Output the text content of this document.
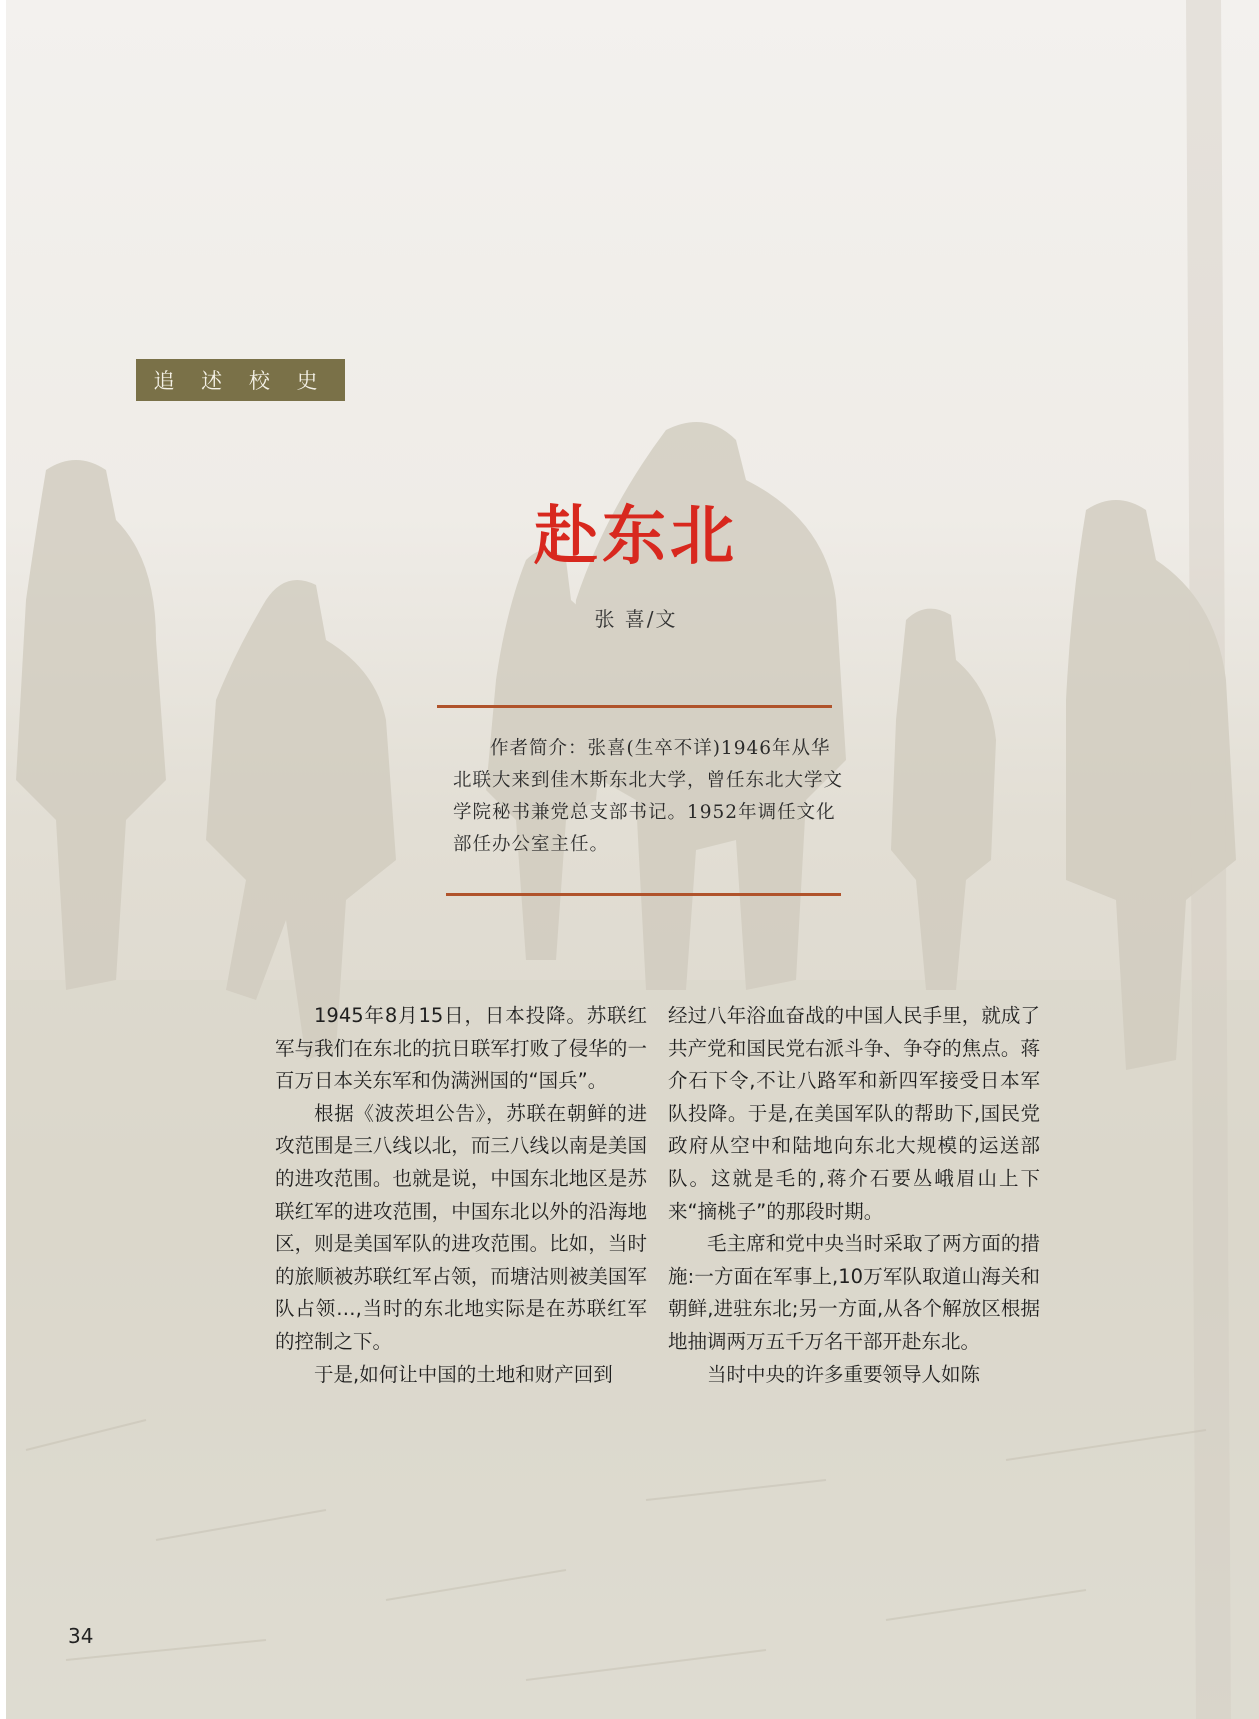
追 述 校 史
赴东北
张 喜/文
作者简介：张喜(生卒不详)1946年从华北联大来到佳木斯东北大学，曾任东北大学文学院秘书兼党总支部书记。1952年调任文化部任办公室主任。

1945年8月15日，日本投降。苏联红军与我们在东北的抗日联军打败了侵华的一百万日本关东军和伪满洲国的“国兵”。

根据《波茨坦公告》，苏联在朝鲜的进攻范围是三八线以北，而三八线以南是美国的进攻范围。也就是说，中国东北地区是苏联红军的进攻范围，中国东北以外的沿海地区，则是美国军队的进攻范围。比如，当时的旅顺被苏联红军占领，而塘沽则被美国军队占领…,当时的东北地实际是在苏联红军的控制之下。

于是,如何让中国的土地和财产回到

经过八年浴血奋战的中国人民手里，就成了共产党和国民党右派斗争、争夺的焦点。蒋介石下令,不让八路军和新四军接受日本军队投降。于是,在美国军队的帮助下,国民党政府从空中和陆地向东北大规模的运送部队。这就是毛的,蒋介石要丛峨眉山上下来“摘桃子”的那段时期。

毛主席和党中央当时采取了两方面的措施:一方面在军事上,10万军队取道山海关和朝鲜,进驻东北;另一方面,从各个解放区根据地抽调两万五千万名干部开赴东北。

当时中央的许多重要领导人如陈

34
